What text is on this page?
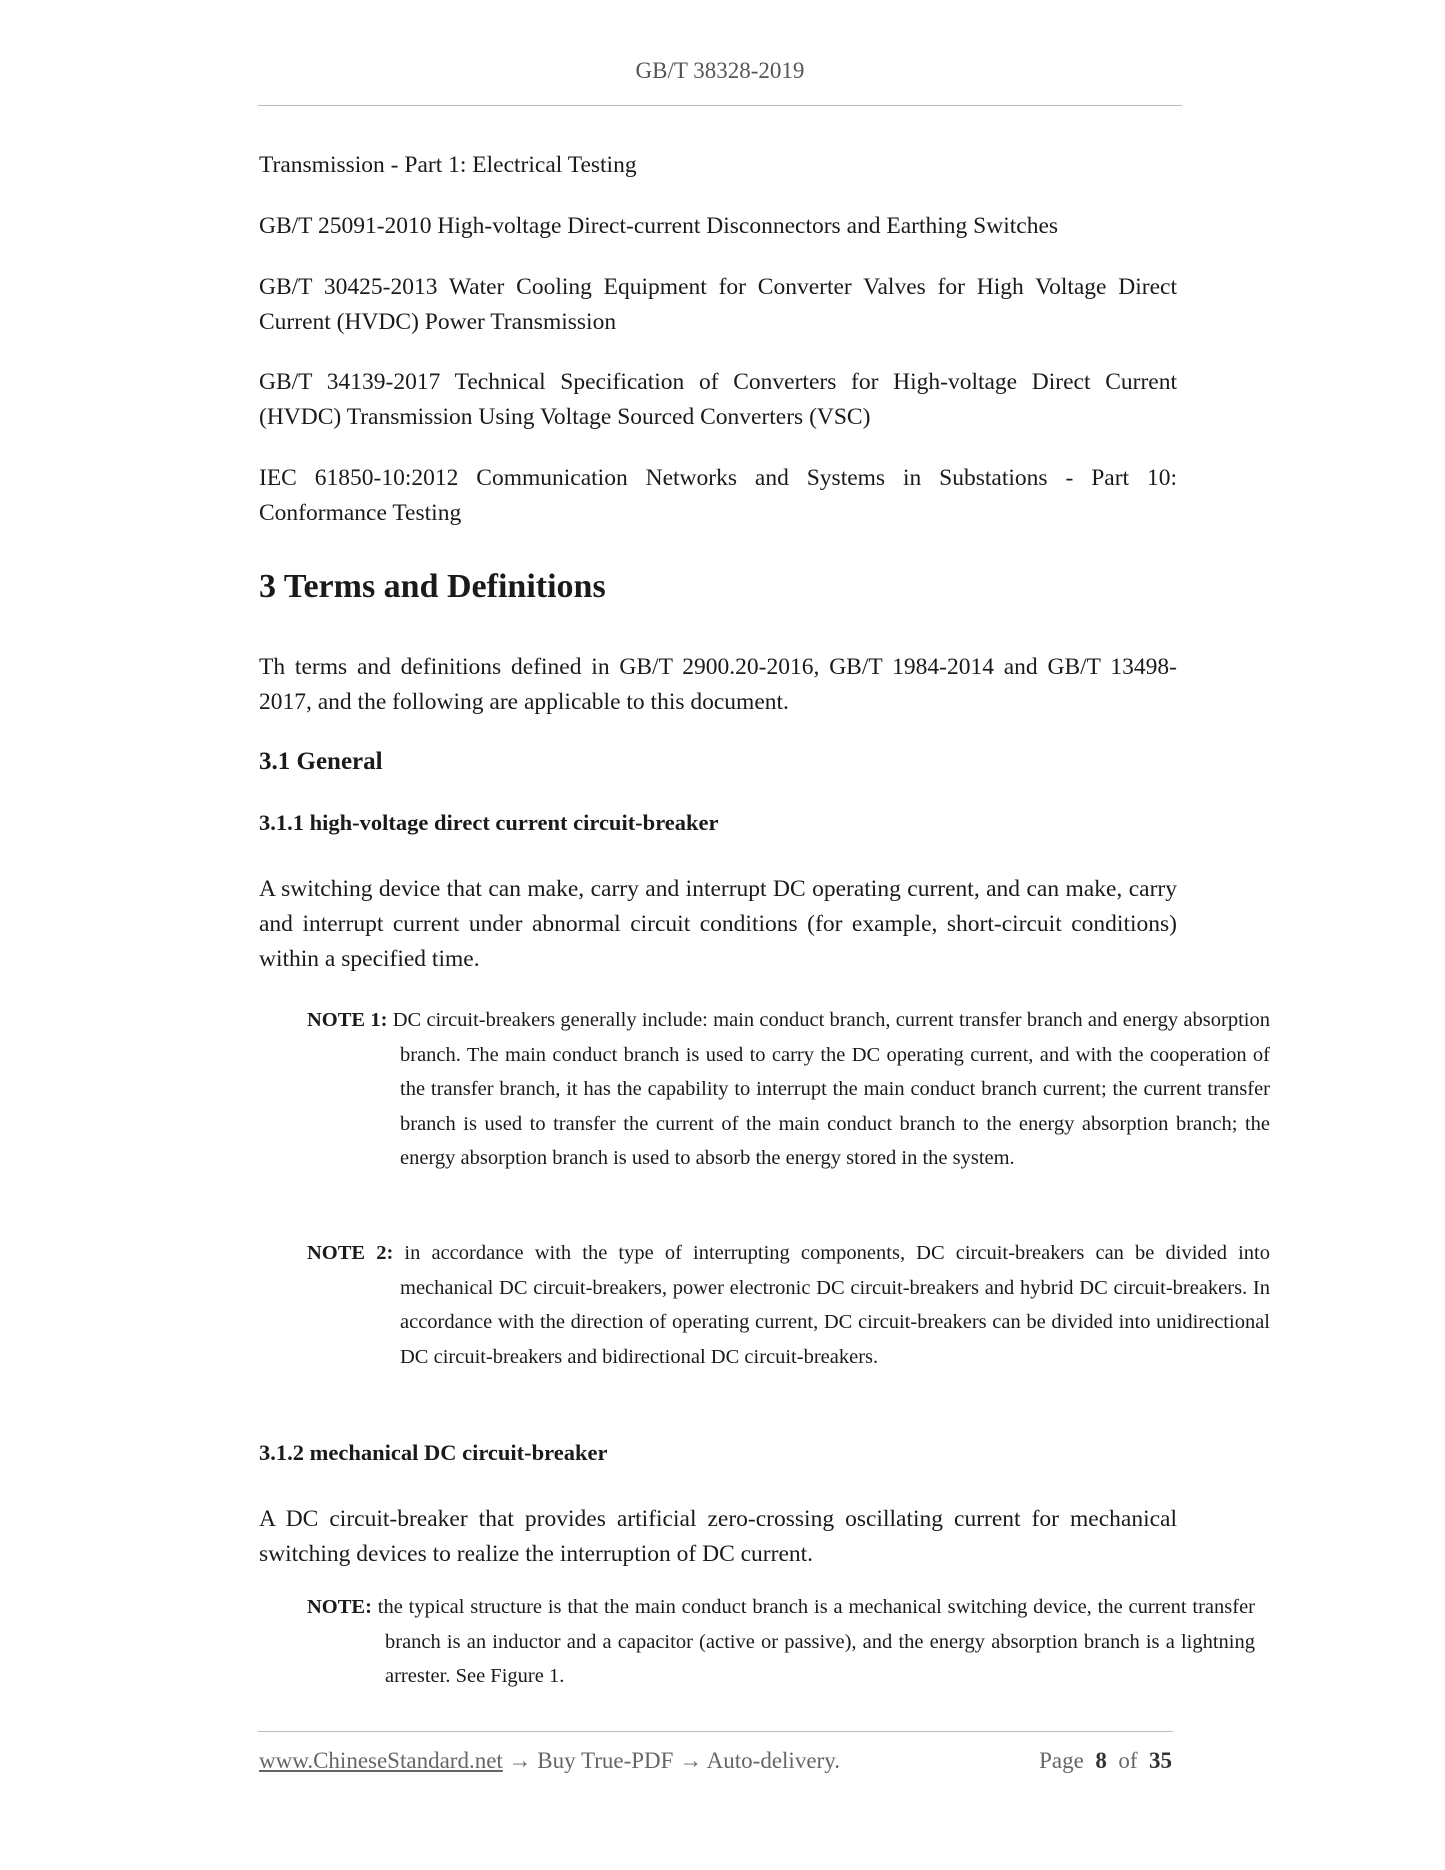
GB/T 38328-2019
Transmission - Part 1: Electrical Testing
GB/T 25091-2010 High-voltage Direct-current Disconnectors and Earthing Switches
GB/T 30425-2013 Water Cooling Equipment for Converter Valves for High Voltage Direct Current (HVDC) Power Transmission
GB/T 34139-2017 Technical Specification of Converters for High-voltage Direct Current (HVDC) Transmission Using Voltage Sourced Converters (VSC)
IEC 61850-10:2012 Communication Networks and Systems in Substations - Part 10: Conformance Testing
3 Terms and Definitions
Th terms and definitions defined in GB/T 2900.20-2016, GB/T 1984-2014 and GB/T 13498-2017, and the following are applicable to this document.
3.1 General
3.1.1 high-voltage direct current circuit-breaker
A switching device that can make, carry and interrupt DC operating current, and can make, carry and interrupt current under abnormal circuit conditions (for example, short-circuit conditions) within a specified time.
NOTE 1: DC circuit-breakers generally include: main conduct branch, current transfer branch and energy absorption branch. The main conduct branch is used to carry the DC operating current, and with the cooperation of the transfer branch, it has the capability to interrupt the main conduct branch current; the current transfer branch is used to transfer the current of the main conduct branch to the energy absorption branch; the energy absorption branch is used to absorb the energy stored in the system.
NOTE 2: in accordance with the type of interrupting components, DC circuit-breakers can be divided into mechanical DC circuit-breakers, power electronic DC circuit-breakers and hybrid DC circuit-breakers. In accordance with the direction of operating current, DC circuit-breakers can be divided into unidirectional DC circuit-breakers and bidirectional DC circuit-breakers.
3.1.2 mechanical DC circuit-breaker
A DC circuit-breaker that provides artificial zero-crossing oscillating current for mechanical switching devices to realize the interruption of DC current.
NOTE: the typical structure is that the main conduct branch is a mechanical switching device, the current transfer branch is an inductor and a capacitor (active or passive), and the energy absorption branch is a lightning arrester. See Figure 1.
www.ChineseStandard.net → Buy True-PDF → Auto-delivery.	Page 8 of 35
